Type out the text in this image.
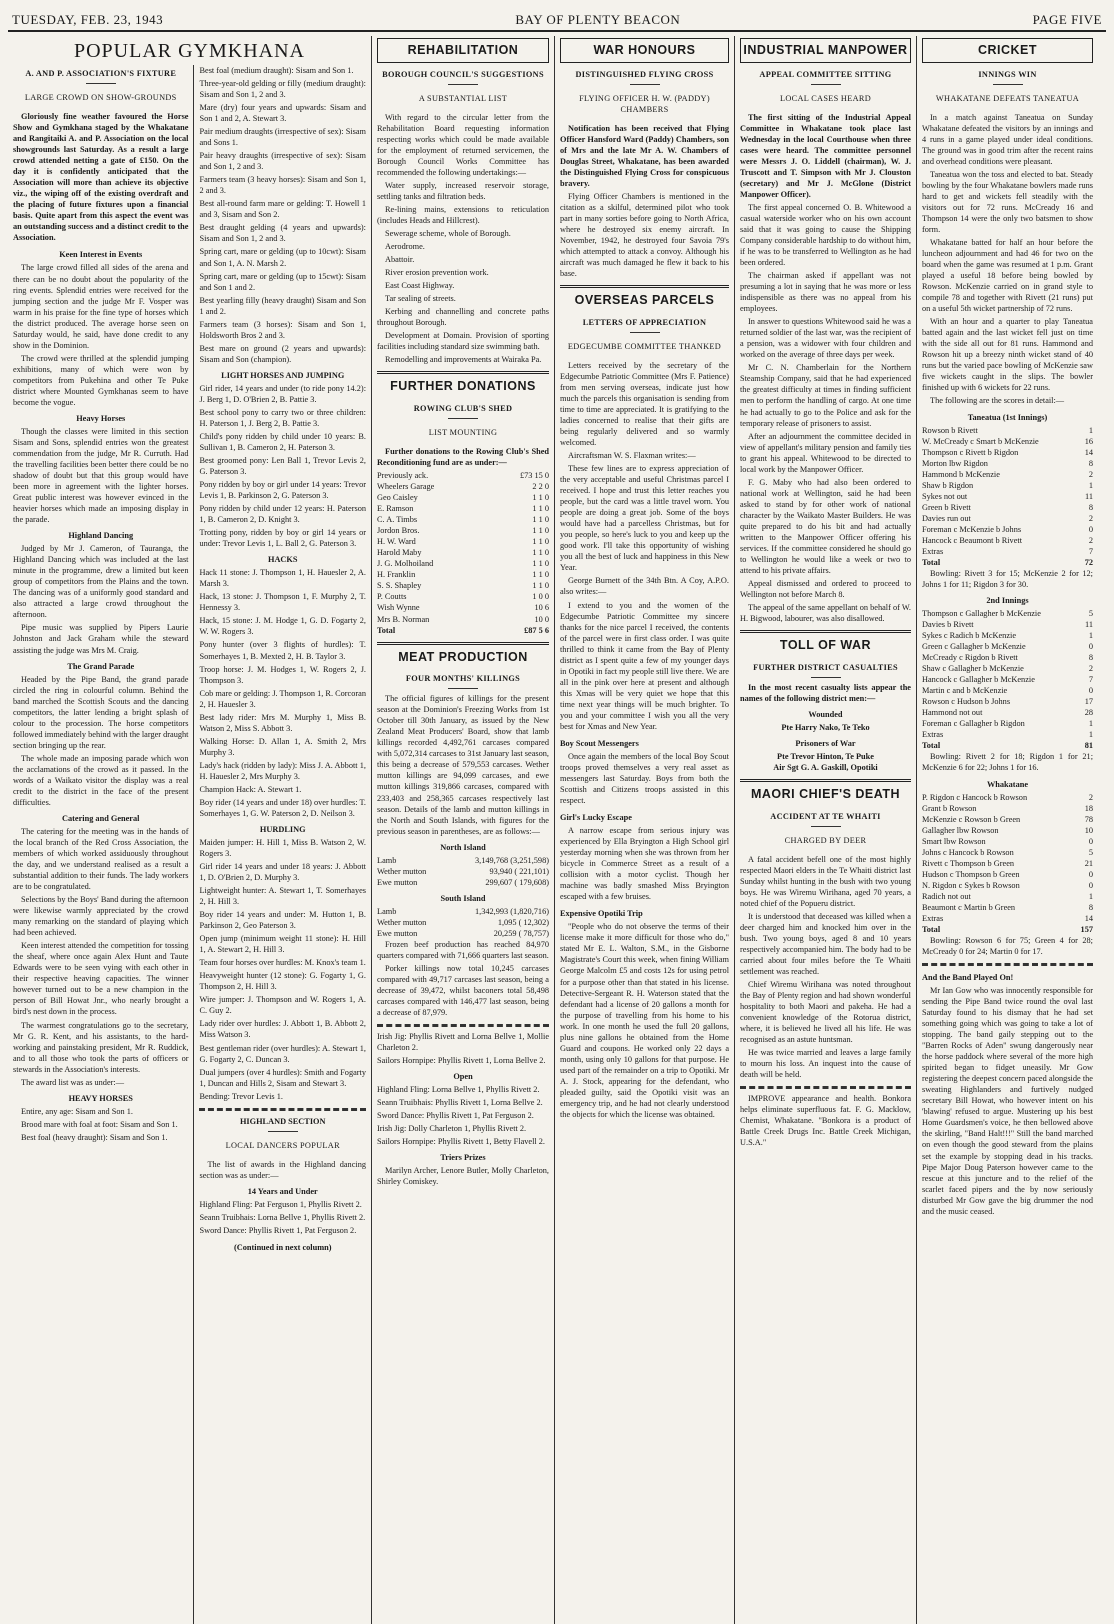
TUESDAY, FEB. 23, 1943	BAY OF PLENTY BEACON	PAGE FIVE
POPULAR GYMKHANA
A. AND P. ASSOCIATION'S FIXTURE
LARGE CROWD ON SHOW-GROUNDS

Gloriously fine weather favoured the Horse Show and Gymkhana staged by the Whakatane and Rangitaiki A. and P. Association on the local showgrounds last Saturday. As a result a large crowd attended netting a gate of £150. On the day it is confidently anticipated that the Association will more than achieve its objective viz., the wiping off of the existing overdraft and the placing of future fixtures upon a financial basis. Quite apart from this aspect the event was an outstanding success and a distinct credit to the Association.

Keen Interest in Events

The large crowd filled all sides of the arena and there can be no doubt about the popularity of the ring events. Splendid entries were received for the jumping section and the judge Mr F. Vosper was warm in his praise for the fine type of horses which the district produced. The average horse seen on Saturday would, he said, have done credit to any show in the Dominion.

The crowd were thrilled at the splendid jumping exhibitions, many of which were won by competitors from Pukehina and other Te Puke district where Mounted Gymkhanas seem to have become the vogue.

Heavy Horses

Though the classes were limited in this section Sisam and Sons, splendid entries won the greatest commendation from the judge, Mr R. Curruth. Had the travelling facilities been better there could be no shadow of doubt but that this group would have been more in agreement with the lighter horses. Great public interest was however evinced in the heavier horses which made an imposing display in the parade.

Highland Dancing

Judged by Mr J. Cameron, of Tauranga, the Highland Dancing which was included at the last minute in the programme, drew a limited but keen group of competitors from the Plains and the town. The dancing was of a uniformly good standard and also attracted a large crowd throughout the afternoon.

Pipe music was supplied by Pipers Laurie Johnston and Jack Graham while the steward assisting the judge was Mrs M. Craig.

The Grand Parade

Headed by the Pipe Band, the grand parade circled the ring in colourful column. Behind the band marched the Scottish Scouts and the dancing competitors, the latter lending a bright splash of colour to the procession. The horse competitors followed immediately behind with the larger draught section bringing up the rear.

The whole made an imposing parade which won the acclamations of the crowd as it passed. In the words of a Waikato visitor the display was a real credit to the district in the face of the present difficulties.

Catering and General

The catering for the meeting was in the hands of the local branch of the Red Cross Association, the members of which worked assiduously throughout the day, and we understand realised as a result a substantial addition to their funds. The lady workers are to be congratulated.

Selections by the Boys' Band during the afternoon were likewise warmly appreciated by the crowd many remarking on the standard of playing which had been achieved.

Keen interest attended the competition for tossing the sheaf, where once again Alex Hunt and Taute Edwards were to be seen vying with each other in their respective heaving capacities. The winner however turned out to be a new champion in the person of Bill Howat Jnr., who nearly brought a bird's nest down in the process.

The warmest congratulations go to the secretary, Mr G. R. Kent, and his assistants, to the hard-working and painstaking president, Mr R. Ruddick, and to all those who took the parts of officers or stewards in the Association's interests.

The award list was as under:—

HEAVY HORSES

Entire, any age: Sisam and Son 1.

Brood mare with foal at foot: Sisam and Son 1.

Best foal (heavy draught): Sisam and Son 1.

Best foal (medium draught): Sisam and Son 1.

Three-year-old gelding or filly (medium draught): Sisam and Son 1, 2 and 3.

Mare (dry) four years and upwards: Sisam and Son 1 and 2, A. Stewart 3.

Pair medium draughts (irrespective of sex): Sisam and Sons 1.

Pair heavy draughts (irrespective of sex): Sisam and Son 1, 2 and 3.

Farmers team (3 heavy horses): Sisam and Son 1, 2 and 3.

Best all-round farm mare or gelding: T. Howell 1 and 3, Sisam and Son 2.

Best draught gelding (4 years and upwards): Sisam and Son 1, 2 and 3.

Spring cart, mare or gelding (up to 10cwt): Sisam and Son 1, A. N. Marsh 2.

Spring cart, mare or gelding (up to 15cwt): Sisam and Son 1 and 2.

Best yearling filly (heavy draught) Sisam and Son 1 and 2.

Farmers team (3 horses): Sisam and Son 1, Holdsworth Bros 2 and 3.

Best mare on ground (2 years and upwards): Sisam and Son (champion).

LIGHT HORSES AND JUMPING

Girl rider, 14 years and under (to ride pony 14.2): J. Berg 1, D. O'Brien 2, B. Pattie 3.

Best school pony to carry two or three children: H. Paterson 1, J. Berg 2, B. Pattie 3.

Child's pony ridden by child under 10 years: B. Sullivan 1, B. Cameron 2, H. Paterson 3.

Best groomed pony: Len Ball 1, Trevor Levis 2, G. Paterson 3.

Pony ridden by boy or girl under 14 years: Trevor Levis 1, B. Parkinson 2, G. Paterson 3.

Pony ridden by child under 12 years: H. Paterson 1, B. Cameron 2, D. Knight 3.

Trotting pony, ridden by boy or girl 14 years or under: Trevor Levis 1, L. Ball 2, G. Paterson 3.

HACKS

Hack 11 stone: J. Thompson 1, H. Hauesler 2, A. Marsh 3.

Hack, 13 stone: J. Thompson 1, F. Murphy 2, T. Hennessy 3.

Hack, 15 stone: J. M. Hodge 1, G. D. Fogarty 2, W. W. Rogers 3.

Pony hunter (over 3 flights of hurdles): T. Somerhayes 1, B. Mexted 2, H. B. Taylor 3.

Troop horse: J. M. Hodges 1, W. Rogers 2, J. Thompson 3.

Cob mare or gelding: J. Thompson 1, R. Corcoran 2, H. Hauesler 3.

Best lady rider: Mrs M. Murphy 1, Miss B. Watson 2, Miss S. Abbott 3.

Walking Horse: D. Allan 1, A. Smith 2, Mrs Murphy 3.

Lady's hack (ridden by lady): Miss J. A. Abbott 1, H. Hauesler 2, Mrs Murphy 3.

Champion Hack: A. Stewart 1.

Boy rider (14 years and under 18) over hurdles: T. Somerhayes 1, G. W. Paterson 2, D. Neilson 3.

HURDLING

Maiden jumper: H. Hill 1, Miss B. Watson 2, W. Rogers 3.

Girl rider 14 years and under 18 years: J. Abbott 1, D. O'Brien 2, D. Murphy 3.

Lightweight hunter: A. Stewart 1, T. Somerhayes 2, H. Hill 3.

Boy rider 14 years and under: M. Hutton 1, B. Parkinson 2, Geo Paterson 3.

Open jump (minimum weight 11 stone): H. Hill 1, A. Stewart 2, H. Hill 3.

Team four horses over hurdles: M. Knox's team 1.

Heavyweight hunter (12 stone): G. Fogarty 1, G. Thompson 2, H. Hill 3.

Wire jumper: J. Thompson and W. Rogers 1, A. C. Guy 2.

Lady rider over hurdles: J. Abbott 1, B. Abbott 2, Miss Watson 3.

Best gentleman rider (over hurdles): A. Stewart 1, G. Fogarty 2, C. Duncan 3.

Dual jumpers (over 4 hurdles): Smith and Fogarty 1, Duncan and Hills 2, Sisam and Stewart 3.

Bending: Trevor Levis 1.

HIGHLAND SECTION
LOCAL DANCERS POPULAR

The list of awards in the Highland dancing section was as under:—

14 Years and Under

Highland Fling: Pat Ferguson 1, Phyllis Rivett 2.

Seann Truibhais: Lorna Bellve 1, Phyllis Rivett 2.

Sword Dance: Phyllis Rivett 1, Pat Ferguson 2.

(Continued in next column)
REHABILITATION
BOROUGH COUNCIL'S SUGGESTIONS
A SUBSTANTIAL LIST

With regard to the circular letter from the Rehabilitation Board requesting information respecting works which could be made available for the employment of returned servicemen, the Borough Council Works Committee has recommended the following undertakings:—

Water supply, increased reservoir storage, settling tanks and filtration beds.

Re-lining mains, extensions to reticulation (includes Heads and Hillcrest).

Sewerage scheme, whole of Borough.

Aerodrome.

Abattoir.

River erosion prevention work.

East Coast Highway.

Tar sealing of streets.

Kerbing and channelling and concrete paths throughout Borough.

Development at Domain. Provision of sporting facilities including standard size swimming bath.

Remodelling and improvements at Wairaka Pa.

FURTHER DONATIONS
ROWING CLUB'S SHED
LIST MOUNTING

Further donations to the Rowing Club's Shed Reconditioning fund are as under:—

Previously ack.	£73 15 0
Wheelers Garage	2 2 0
Geo Caisley	1 1 0
E. Ramson	1 1 0
C. A. Timbs	1 1 0
Jordon Bros.	1 1 0
H. W. Ward	1 1 0
Harold Maby	1 1 0
J. G. Molhoiland	1 1 0
H. Franklin	1 1 0
S. S. Shapley	1 1 0
P. Coutts	1 0 0
Wish Wynne	10 6
Mrs B. Norman	10 0
Total	£87 5 6
MEAT PRODUCTION
FOUR MONTHS' KILLINGS

The official figures of killings for the present season at the Dominion's Freezing Works from 1st October till 30th January, as issued by the New Zealand Meat Producers' Board, show that lamb killings recorded 4,492,761 carcases compared with 5,072,314 carcases to 31st January last season, this being a decrease of 579,553 carcases. Wether mutton killings are 94,099 carcases, and ewe mutton killings 319,866 carcases, compared with 233,403 and 258,365 carcases respectively last season. Details of the lamb and mutton killings in the North and South Islands, with figures for the previous season in parentheses, are as follows:—

North Island
Lamb	3,149,768 (3,251,598)
Wether mutton	93,940 ( 221,101)
Ewe mutton	299,607 ( 179,608)
South Island
Lamb	1,342,993 (1,820,716)
Wether mutton	1,095 ( 12,302)
Ewe mutton	20,259 ( 78,757)

Frozen beef production has reached 84,970 quarters compared with 71,666 quarters last season.

Porker killings now total 10,245 carcases compared with 49,717 carcases last season, being a decrease of 39,472, whilst baconers total 58,498 carcases compared with 146,477 last season, being a decrease of 87,979.

Irish Jig: Phyllis Rivett and Lorna Bellve 1, Mollie Charleton 2.

Sailors Hornpipe: Phyllis Rivett 1, Lorna Bellve 2.

Open

Highland Fling: Lorna Bellve 1, Phyllis Rivett 2.

Seann Truibhais: Phyllis Rivett 1, Lorna Bellve 2.

Sword Dance: Phyllis Rivett 1, Pat Ferguson 2.

Irish Jig: Dolly Charleton 1, Phyllis Rivett 2.

Sailors Hornpipe: Phyllis Rivett 1, Betty Flavell 2.

Triers Prizes

Marilyn Archer, Lenore Butler, Molly Charleton, Shirley Comiskey.

WAR HONOURS
DISTINGUISHED FLYING CROSS
FLYING OFFICER H. W. (PADDY) CHAMBERS

Notification has been received that Flying Officer Hansford Ward (Paddy) Chambers, son of Mrs and the late Mr A. W. Chambers of Douglas Street, Whakatane, has been awarded the Distinguished Flying Cross for conspicuous bravery.

Flying Officer Chambers is mentioned in the citation as a skilful, determined pilot who took part in many sorties before going to North Africa, where he destroyed six enemy aircraft. In November, 1942, he destroyed four Savoia 79's which attempted to attack a convoy. Although his aircraft was much damaged he flew it back to his base.

OVERSEAS PARCELS
LETTERS OF APPRECIATION
EDGECUMBE COMMITTEE THANKED

Letters received by the secretary of the Edgecumbe Patriotic Committee (Mrs F. Patience) from men serving overseas, indicate just how much the parcels this organisation is sending from time to time are appreciated. It is gratifying to the ladies concerned to realise that their gifts are being regularly delivered and so warmly welcomed.

Aircraftsman W. S. Flaxman writes:—

These few lines are to express appreciation of the very acceptable and useful Christmas parcel I received. I hope and trust this letter reaches you people, but the card was a little travel worn. You people are doing a great job. Some of the boys would have had a parcelless Christmas, but for you people, so here's luck to you and keep up the good work. I'll take this opportunity of wishing you all the best of luck and happiness in this New Year.

George Burnett of the 34th Btn. A Coy, A.P.O. also writes:—

I extend to you and the women of the Edgecumbe Patriotic Committee my sincere thanks for the nice parcel I received, the contents of the parcel were in first class order. I was quite thrilled to think it came from the Bay of Plenty district as I spent quite a few of my younger days in Opotiki in fact my people still live there. We are all in the pink over here at present and although this Xmas will be very quiet we hope that this time next year things will be much brighter. To you and your committee I wish you all the very best for Xmas and New Year.

Boy Scout Messengers

Once again the members of the local Boy Scout troops proved themselves a very real asset as messengers last Saturday. Boys from both the Scottish and Citizens troops assisted in this respect.

Girl's Lucky Escape

A narrow escape from serious injury was experienced by Ella Bryington a High School girl yesterday morning when she was thrown from her bicycle in Commerce Street as a result of a collision with a motor cyclist. Though her machine was badly smashed Miss Bryington escaped with a few bruises.

Expensive Opotiki Trip

"People who do not observe the terms of their license make it more difficult for those who do," stated Mr E. L. Walton, S.M., in the Gisborne Magistrate's Court this week, when fining William George Malcolm £5 and costs 12s for using petrol for a purpose other than that stated in his license. Detective-Sergeant R. H. Waterson stated that the defendant had a license of 20 gallons a month for the purpose of travelling from his home to his work. In one month he used the full 20 gallons, plus nine gallons he obtained from the Home Guard and coupons. He worked only 22 days a month, using only 10 gallons for that purpose. He used part of the remainder on a trip to Opotiki. Mr A. J. Stock, appearing for the defendant, who pleaded guilty, said the Opotiki visit was an emergency trip, and he had not clearly understood the objects for which the license was obtained.

INDUSTRIAL MANPOWER
APPEAL COMMITTEE SITTING
LOCAL CASES HEARD

The first sitting of the Industrial Appeal Committee in Whakatane took place last Wednesday in the local Courthouse when three cases were heard. The committee personnel were Messrs J. O. Liddell (chairman), W. J. Truscott and T. Simpson with Mr J. Clouston (secretary) and Mr J. McGlone (District Manpower Officer).

The first appeal concerned O. B. Whitewood a casual waterside worker who on his own account said that it was going to cause the Shipping Company considerable hardship to do without him, if he was to be transferred to Wellington as he had been ordered.

The chairman asked if appellant was not presuming a lot in saying that he was more or less indispensible as there was no appeal from his employees.

In answer to questions Whitewood said he was a returned soldier of the last war, was the recipient of a pension, was a widower with four children and worked on the average of three days per week.

Mr C. N. Chamberlain for the Northern Steamship Company, said that he had experienced the greatest difficulty at times in finding sufficient men to perform the handling of cargo. At one time he had actually to go to the Police and ask for the temporary release of prisoners to assist.

After an adjournment the committee decided in view of appellant's military pension and family ties to grant his appeal. Whitewood to be directed to local work by the Manpower Officer.

F. G. Maby who had also been ordered to national work at Wellington, said he had been asked to stand by for other work of national character by the Waikato Master Builders. He was quite prepared to do his bit and had actually written to the Manpower Officer offering his services. If the committee considered he should go to Wellington he would like a week or two to attend to his private affairs.

Appeal dismissed and ordered to proceed to Wellington not before March 8.

The appeal of the same appellant on behalf of W. H. Bigwood, labourer, was also disallowed.

TOLL OF WAR
FURTHER DISTRICT CASUALTIES

In the most recent casualty lists appear the names of the following district men:—

Wounded
Pte Harry Nako, Te Teko
Prisoners of War
Pte Trevor Hinton, Te Puke
Air Sgt G. A. Gaskill, Opotiki
MAORI CHIEF'S DEATH
ACCIDENT AT TE WHAITI
CHARGED BY DEER

A fatal accident befell one of the most highly respected Maori elders in the Te Whaiti district last Sunday whilst hunting in the bush with two young boys. He was Wiremu Wirihana, aged 70 years, a noted chief of the Popueru district.

It is understood that deceased was killed when a deer charged him and knocked him over in the bush. Two young boys, aged 8 and 10 years respectively accompanied him. The body had to be carried about four miles before the Te Whaiti settlement was reached.

Chief Wiremu Wirihana was noted throughout the Bay of Plenty region and had shown wonderful hospitality to both Maori and pakeha. He had a convenient knowledge of the Rotorua district, where, it is believed he lived all his life. He was recognised as an astute huntsman.

He was twice married and leaves a large family to mourn his loss. An inquest into the cause of death will be held.

IMPROVE appearance and health. Bonkora helps eliminate superfluous fat. F. G. Macklow, Chemist, Whakatane. "Bonkora is a product of Battle Creek Drugs Inc. Battle Creek Michigan, U.S.A."

CRICKET
INNINGS WIN
WHAKATANE DEFEATS TANEATUA

In a match against Taneatua on Sunday Whakatane defeated the visitors by an innings and 4 runs in a game played under ideal conditions. The ground was in good trim after the recent rains and overhead conditions were pleasant.

Taneatua won the toss and elected to bat. Steady bowling by the four Whakatane bowlers made runs hard to get and wickets fell steadily with the visitors out for 72 runs. McCready 16 and Thompson 14 were the only two batsmen to show form.

Whakatane batted for half an hour before the luncheon adjournment and had 46 for two on the board when the game was resumed at 1 p.m. Grant played a useful 18 before being bowled by Rowson. McKenzie carried on in grand style to compile 78 and together with Rivett (21 runs) put on a useful 5th wicket partnership of 72 runs.

With an hour and a quarter to play Taneatua batted again and the last wicket fell just on time with the side all out for 81 runs. Hammond and Rowson hit up a breezy ninth wicket stand of 40 runs but the varied pace bowling of McKenzie saw five wickets caught in the slips. The bowler finished up with 6 wickets for 22 runs.

The following are the scores in detail:—

Taneatua (1st Innings)
Rowson b Rivett	1
W. McCready c Smart b McKenzie	16
Thompson c Rivett b Rigdon	14
Morton lbw Rigdon	8
Hammond b McKenzie	2
Shaw b Rigdon	1
Sykes not out	11
Green b Rivett	8
Davies run out	2
Foreman c McKenzie b Johns	0
Hancock c Beaumont b Rivett	2
Extras	7
Total	72

Bowling: Rivett 3 for 15; McKenzie 2 for 12; Johns 1 for 11; Rigdon 3 for 30.

2nd Innings
Thompson c Gallagher b McKenzie	5
Davies b Rivett	11
Sykes c Radich b McKenzie	1
Green c Gallagher b McKenzie	0
McCready c Rigdon b Rivett	8
Shaw c Gallagher b McKenzie	2
Hancock c Gallagher b McKenzie	7
Martin c and b McKenzie	0
Rowson c Hudson b Johns	17
Hammond not out	28
Foreman c Gallagher b Rigdon	1
Extras	1
Total	81

Bowling: Rivett 2 for 18; Rigdon 1 for 21; McKenzie 6 for 22; Johns 1 for 16.

Whakatane
P. Rigdon c Hancock b Rowson	2
Grant b Rowson	18
McKenzie c Rowson b Green	78
Gallagher lbw Rowson	10
Smart lbw Rowson	0
Johns c Hancock b Rowson	5
Rivett c Thompson b Green	21
Hudson c Thompson b Green	0
N. Rigdon c Sykes b Rowson	0
Radich not out	1
Beaumont c Martin b Green	8
Extras	14
Total	157

Bowling: Rowson 6 for 75; Green 4 for 28; McCready 0 for 24; Martin 0 for 17.

And the Band Played On!

Mr Ian Gow who was innocently responsible for sending the Pipe Band twice round the oval last Saturday found to his dismay that he had set something going which was going to take a lot of stopping. The band gaily stepping out to the "Barren Rocks of Aden" swung dangerously near the horse paddock where several of the more high spirited began to fidget uneasily. Mr Gow registering the deepest concern paced alongside the sweating Highlanders and furtively nudged secretary Bill Howat, who however intent on his 'blawing' refused to argue. Mustering up his best Home Guardsmen's voice, he then bellowed above the skirling, "Band Halt!!!" Still the band marched on even though the good steward from the plains set the example by stopping dead in his tracks. Pipe Major Doug Paterson however came to the rescue at this juncture and to the relief of the scarlet faced pipers and the by now seriously disturbed Mr Gow gave the big drummer the nod and the music ceased.
